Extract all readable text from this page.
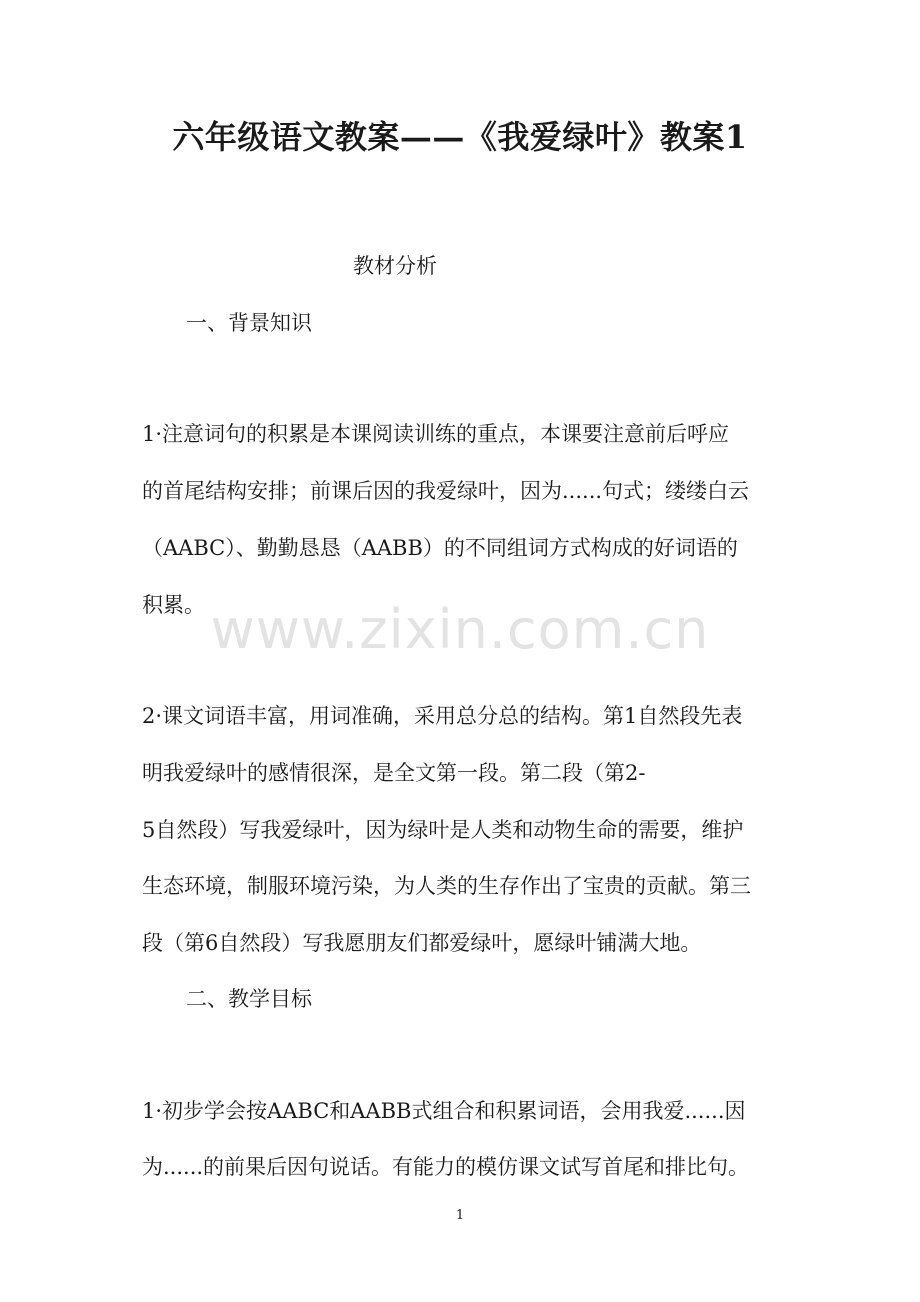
六年级语文教案——《我爱绿叶》教案1
教材分析
一、背景知识
1·注意词句的积累是本课阅读训练的重点，本课要注意前后呼应
的首尾结构安排；前课后因的我爱绿叶，因为......句式；缕缕白云
（AABC）、勤勤恳恳（AABB）的不同组词方式构成的好词语的
积累。 www.zixin.com.cn
2·课文词语丰富，用词准确，采用总分总的结构。第1自然段先表
明我爱绿叶的感情很深，是全文第一段。第二段（第2-
5自然段）写我爱绿叶，因为绿叶是人类和动物生命的需要，维护
生态环境，制服环境污染，为人类的生存作出了宝贵的贡献。第三
段（第6自然段）写我愿朋友们都爱绿叶，愿绿叶铺满大地。
二、教学目标
1·初步学会按AABC和AABB式组合和积累词语，会用我爱......因
为......的前果后因句说话。有能力的模仿课文试写首尾和排比句。
1
